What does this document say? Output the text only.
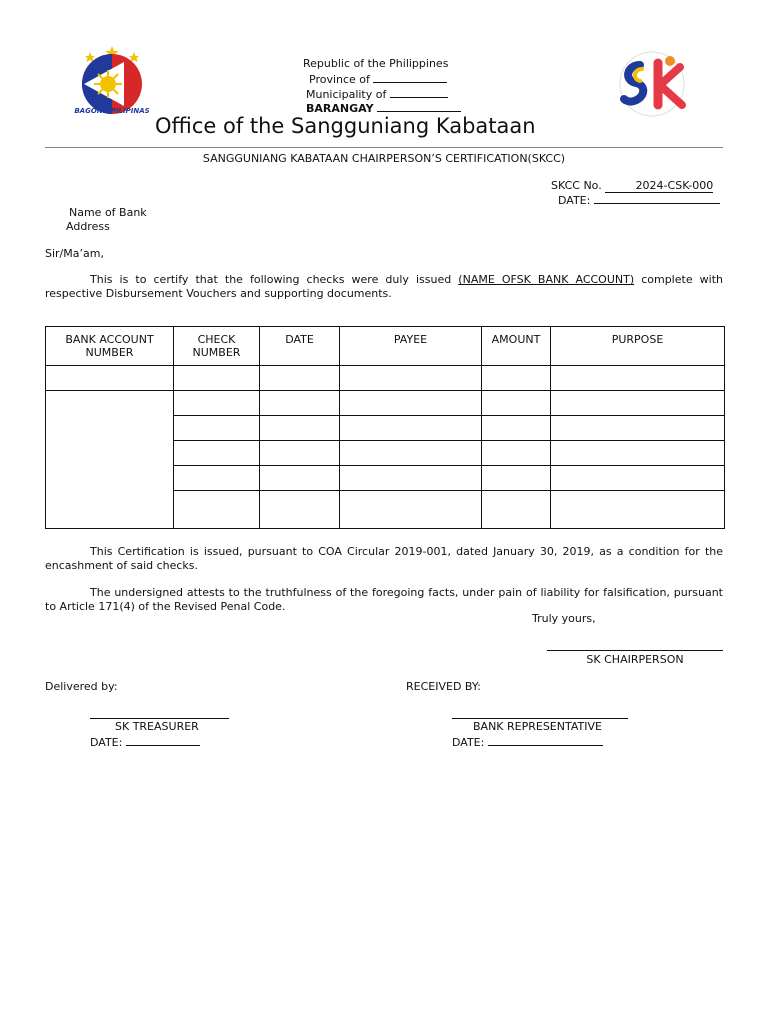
BAGONG PILIPINAS
Republic of the Philippines
Province of
Municipality of
BARANGAY
Office of the Sangguniang Kabataan
SANGGUNIANG KABATAAN CHAIRPERSON’S CERTIFICATION(SKCC)
SKCC No.	2024-CSK-000
DATE:
Name of Bank
Address
Sir/Ma’am,
This is to certify that the following checks were duly issued (NAME OFSK BANK ACCOUNT) complete with respective Disbursement Vouchers and supporting documents.
BANK ACCOUNT NUMBER	CHECK NUMBER	DATE	PAYEE	AMOUNT	PURPOSE

This Certification is issued, pursuant to COA Circular 2019-001, dated January 30, 2019, as a condition for the encashment of said checks.
The undersigned attests to the truthfulness of the foregoing facts, under pain of liability for falsification, pursuant to Article 171(4) of the Revised Penal Code.
Truly yours,
SK CHAIRPERSON
Delivered by:	RECEIVED BY:
SK TREASURER
DATE:
BANK REPRESENTATIVE
DATE:
